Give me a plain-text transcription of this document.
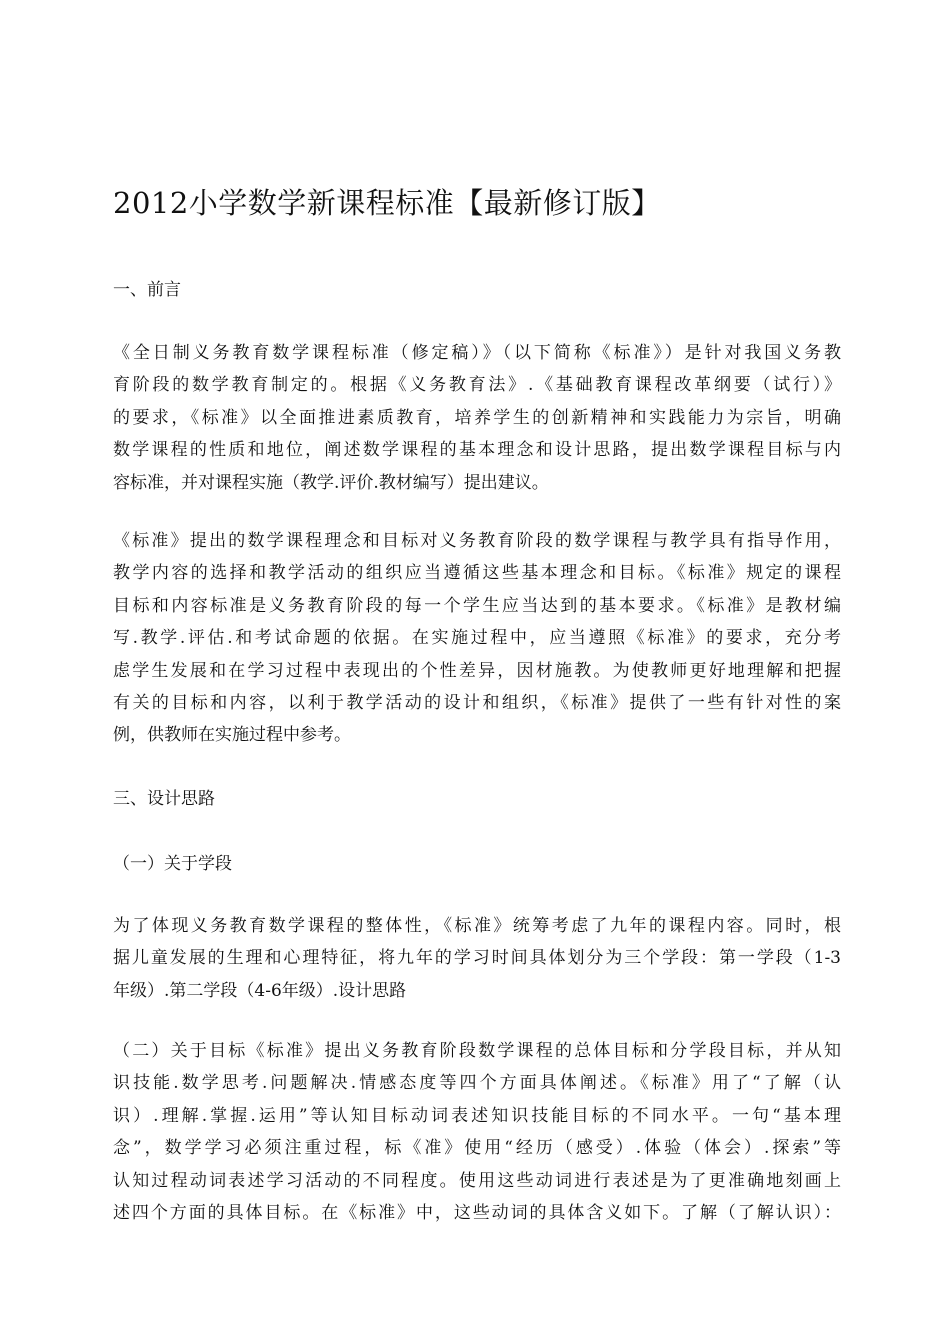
2012小学数学新课程标准【最新修订版】

一、前言

《全日制义务教育数学课程标准（修定稿）》（以下简称《标准》）是针对我国义务教
育阶段的数学教育制定的。根据《义务教育法》.《基础教育课程改革纲要（试行）》
的要求，《标准》以全面推进素质教育，培养学生的创新精神和实践能力为宗旨，明确
数学课程的性质和地位，阐述数学课程的基本理念和设计思路，提出数学课程目标与内
容标准，并对课程实施（教学.评价.教材编写）提出建议。
《标准》提出的数学课程理念和目标对义务教育阶段的数学课程与教学具有指导作用，
教学内容的选择和教学活动的组织应当遵循这些基本理念和目标。《标准》规定的课程
目标和内容标准是义务教育阶段的每一个学生应当达到的基本要求。《标准》是教材编
写.教学.评估.和考试命题的依据。在实施过程中，应当遵照《标准》的要求，充分考
虑学生发展和在学习过程中表现出的个性差异，因材施教。为使教师更好地理解和把握
有关的目标和内容，以利于教学活动的设计和组织，《标准》提供了一些有针对性的案
例，供教师在实施过程中参考。

三、设计思路

（一）关于学段

为了体现义务教育数学课程的整体性，《标准》统筹考虑了九年的课程内容。同时，根
据儿童发展的生理和心理特征，将九年的学习时间具体划分为三个学段：第一学段（1-3
年级）.第二学段（4-6年级）.设计思路
（二）关于目标《标准》提出义务教育阶段数学课程的总体目标和分学段目标，并从知
识技能.数学思考.问题解决.情感态度等四个方面具体阐述。《标准》用了“了解（认
识）.理解.掌握.运用”等认知目标动词表述知识技能目标的不同水平。一句“基本理
念”，数学学习必须注重过程，标《准》使用“经历（感受）.体验（体会）.探索”等
认知过程动词表述学习活动的不同程度。使用这些动词进行表述是为了更准确地刻画上
述四个方面的具体目标。在《标准》中，这些动词的具体含义如下。了解（了解认识）：
